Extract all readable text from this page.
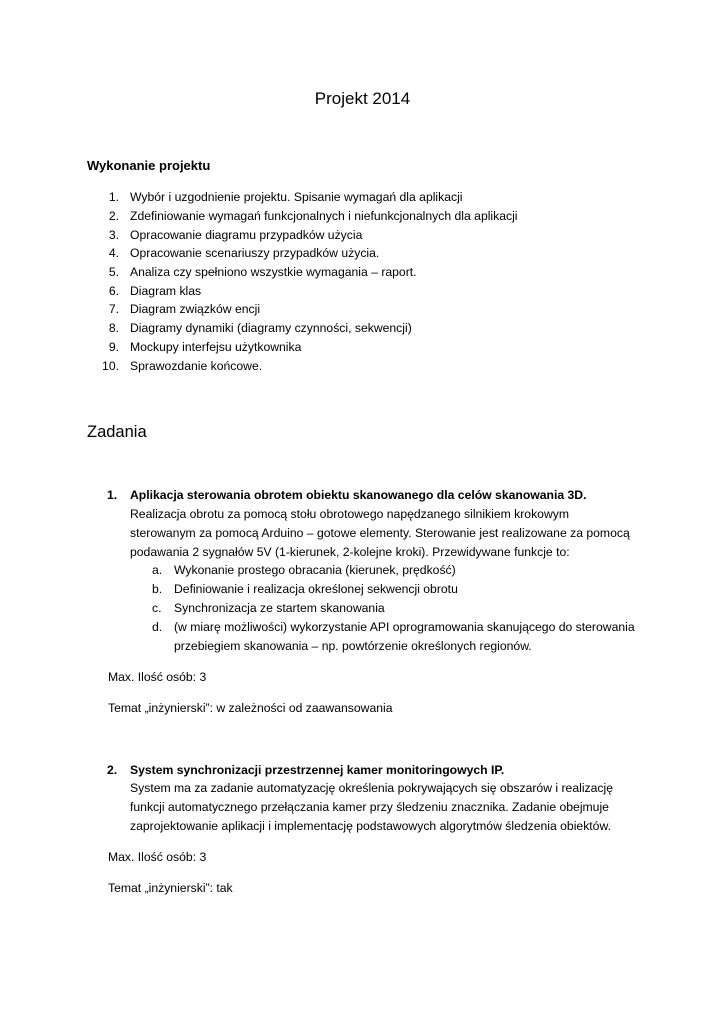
Projekt 2014
Wykonanie projektu
1. Wybór i uzgodnienie projektu. Spisanie wymagań dla aplikacji
2. Zdefiniowanie wymagań funkcjonalnych i niefunkcjonalnych dla aplikacji
3. Opracowanie diagramu przypadków użycia
4. Opracowanie scenariuszy przypadków użycia.
5. Analiza czy spełniono wszystkie wymagania – raport.
6. Diagram klas
7. Diagram związków encji
8. Diagramy dynamiki (diagramy czynności, sekwencji)
9. Mockupy interfejsu użytkownika
10. Sprawozdanie końcowe.
Zadania
1. Aplikacja sterowania obrotem obiektu skanowanego dla celów skanowania 3D.
Realizacja obrotu za pomocą stołu obrotowego napędzanego silnikiem krokowym
sterowanym za pomocą Arduino – gotowe elementy. Sterowanie jest realizowane za pomocą
podawania 2 sygnałów 5V (1-kierunek, 2-kolejne kroki). Przewidywane funkcje to:
a. Wykonanie prostego obracania (kierunek, prędkość)
b. Definiowanie i realizacja określonej sekwencji obrotu
c. Synchronizacja ze startem skanowania
d. (w miarę możliwości) wykorzystanie API oprogramowania skanującego do sterowania
przebiegiem skanowania – np. powtórzenie określonych regionów.
Max. Ilość osób: 3
Temat „inżynierski”: w zależności od zaawansowania
2. System synchronizacji przestrzennej kamer monitoringowych IP.
System ma za zadanie automatyzację określenia pokrywających się obszarów i realizację
funkcji automatycznego przełączania kamer przy śledzeniu znacznika. Zadanie obejmuje
zaprojektowanie aplikacji i implementację podstawowych algorytmów śledzenia obiektów.
Max. Ilość osób: 3
Temat „inżynierski”: tak
